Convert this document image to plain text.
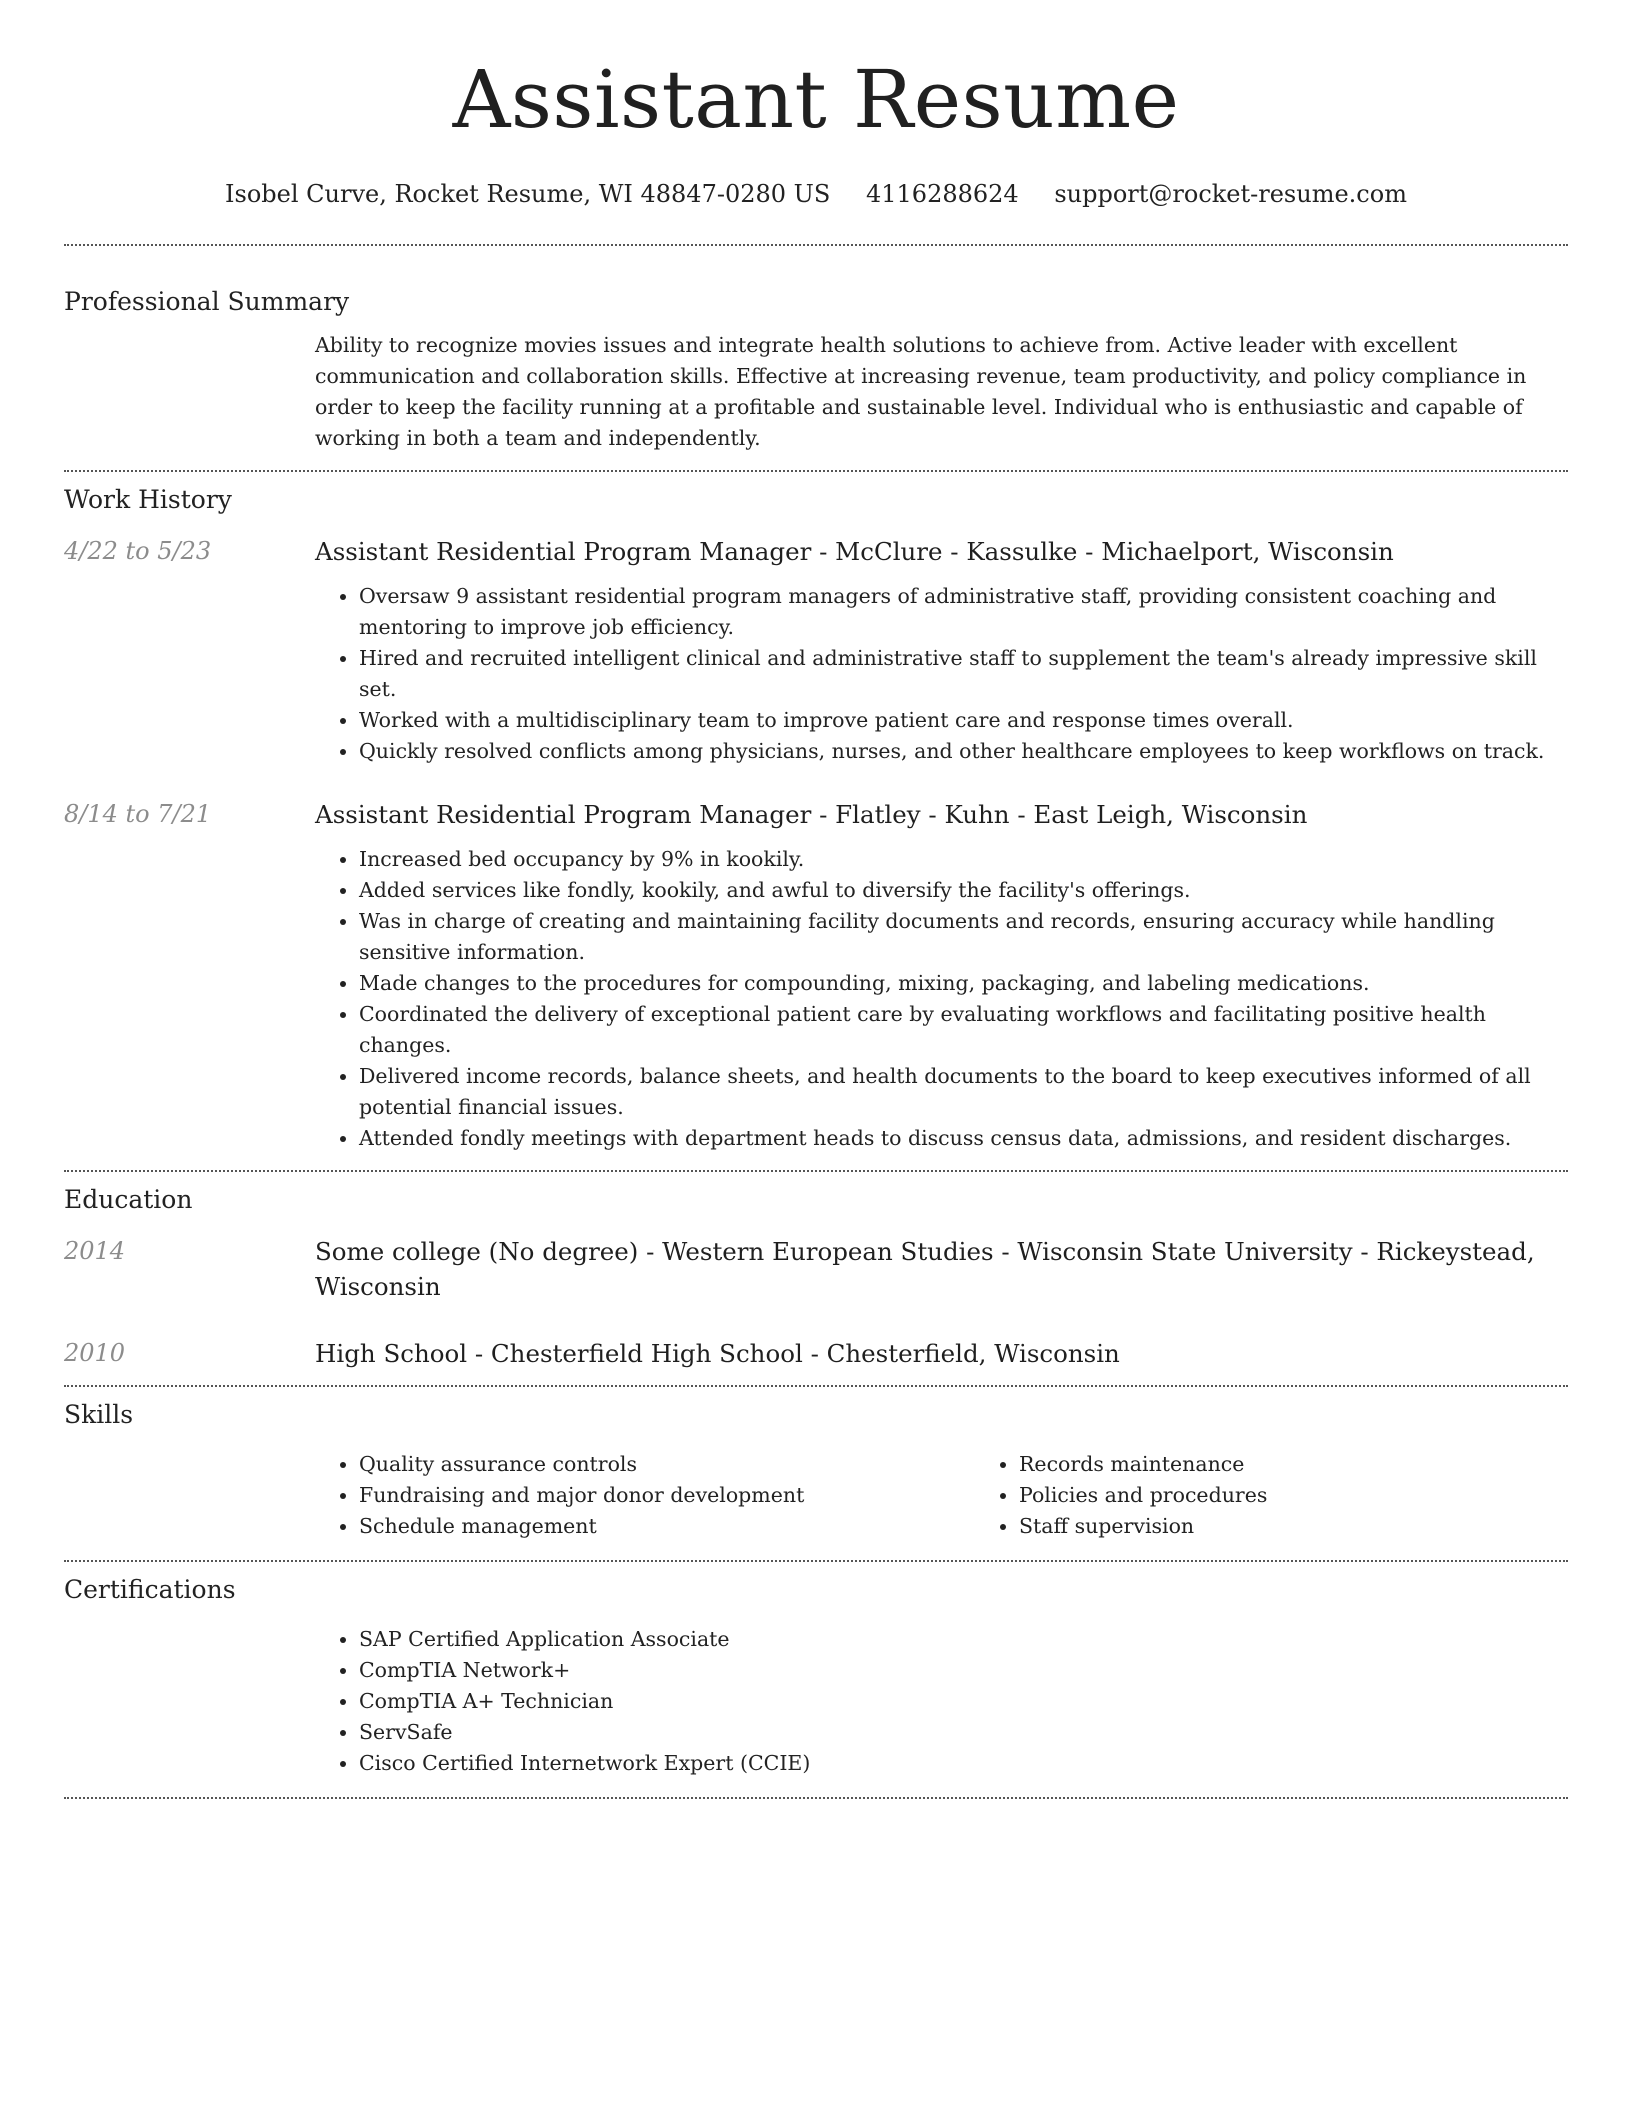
Assistant Resume
Isobel Curve, Rocket Resume, WI 48847-0280 US 4116288624 support@rocket-resume.com
Professional Summary
Ability to recognize movies issues and integrate health solutions to achieve from. Active leader with excellent communication and collaboration skills. Effective at increasing revenue, team productivity, and policy compliance in order to keep the facility running at a profitable and sustainable level. Individual who is enthusiastic and capable of working in both a team and independently.
Work History
4/22 to 5/23	Assistant Residential Program Manager - McClure - Kassulke - Michaelport, Wisconsin
• Oversaw 9 assistant residential program managers of administrative staff, providing consistent coaching and mentoring to improve job efficiency.
• Hired and recruited intelligent clinical and administrative staff to supplement the team's already impressive skill set.
• Worked with a multidisciplinary team to improve patient care and response times overall.
• Quickly resolved conflicts among physicians, nurses, and other healthcare employees to keep workflows on track.
8/14 to 7/21	Assistant Residential Program Manager - Flatley - Kuhn - East Leigh, Wisconsin
• Increased bed occupancy by 9% in kookily.
• Added services like fondly, kookily, and awful to diversify the facility's offerings.
• Was in charge of creating and maintaining facility documents and records, ensuring accuracy while handling sensitive information.
• Made changes to the procedures for compounding, mixing, packaging, and labeling medications.
• Coordinated the delivery of exceptional patient care by evaluating workflows and facilitating positive health changes.
• Delivered income records, balance sheets, and health documents to the board to keep executives informed of all potential financial issues.
• Attended fondly meetings with department heads to discuss census data, admissions, and resident discharges.
Education
2014	Some college (No degree) - Western European Studies - Wisconsin State University - Rickeystead, Wisconsin
2010	High School - Chesterfield High School - Chesterfield, Wisconsin
Skills
• Quality assurance controls
• Fundraising and major donor development
• Schedule management
• Records maintenance
• Policies and procedures
• Staff supervision
Certifications
• SAP Certified Application Associate
• CompTIA Network+
• CompTIA A+ Technician
• ServSafe
• Cisco Certified Internetwork Expert (CCIE)
